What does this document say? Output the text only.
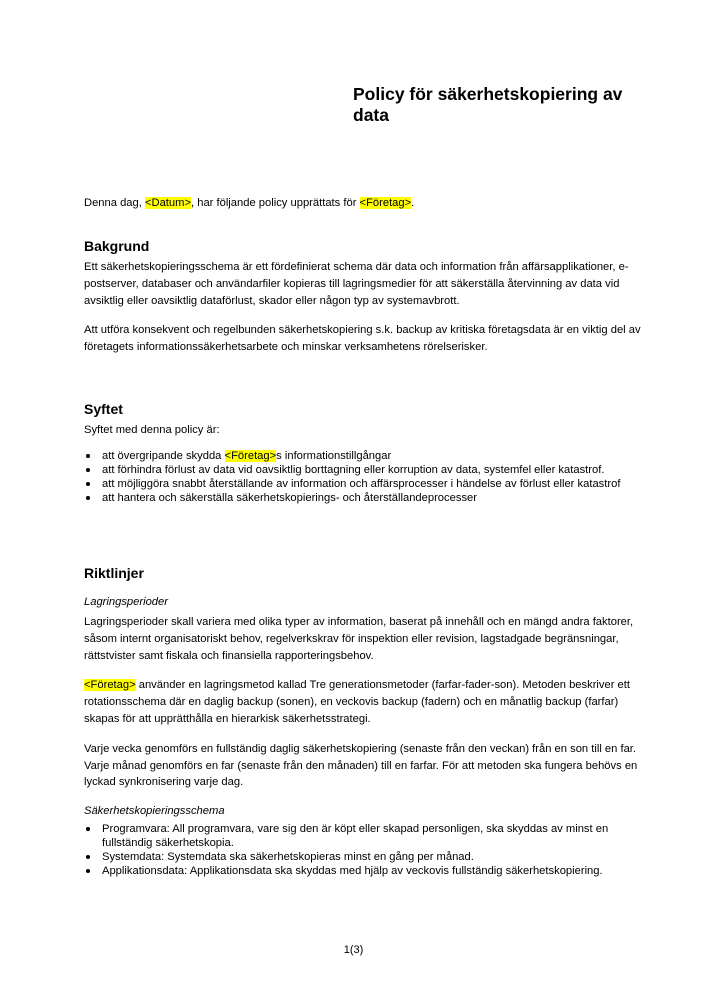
Policy för säkerhetskopiering av data

Denna dag, <Datum>, har följande policy upprättats för <Företag>.

Bakgrund

Ett säkerhetskopieringsschema är ett fördefinierat schema där data och information från affärsapplikationer, e-postserver, databaser och användarfiler kopieras till lagringsmedier för att säkerställa återvinning av data vid avsiktlig eller oavsiktlig dataförlust, skador eller någon typ av systemavbrott.

Att utföra konsekvent och regelbunden säkerhetskopiering s.k. backup av kritiska företagsdata är en viktig del av företagets informationssäkerhetsarbete och minskar verksamhetens rörelserisker.

Syftet

Syftet med denna policy är:

att övergripande skydda <Företag>s informationstillgångar
att förhindra förlust av data vid oavsiktlig borttagning eller korruption av data, systemfel eller katastrof.
att möjliggöra snabbt återställande av information och affärsprocesser i händelse av förlust eller katastrof
att hantera och säkerställa säkerhetskopierings- och återställandeprocesser
Riktlinjer

Lagringsperioder

Lagringsperioder skall variera med olika typer av information, baserat på innehåll och en mängd andra faktorer, såsom internt organisatoriskt behov, regelverkskrav för inspektion eller revision, lagstadgade begränsningar, rättstvister samt fiskala och finansiella rapporteringsbehov.

<Företag> använder en lagringsmetod kallad Tre generationsmetoder (farfar-fader-son). Metoden beskriver ett rotationsschema där en daglig backup (sonen), en veckovis backup (fadern) och en månatlig backup (farfar) skapas för att upprätthålla en hierarkisk säkerhetsstrategi.

Varje vecka genomförs en fullständig daglig säkerhetskopiering (senaste från den veckan) från en son till en far. Varje månad genomförs en far (senaste från den månaden) till en farfar. För att metoden ska fungera behövs en lyckad synkronisering varje dag.

Säkerhetskopieringsschema

Programvara: All programvara, vare sig den är köpt eller skapad personligen, ska skyddas av minst en fullständig säkerhetskopia.
Systemdata: Systemdata ska säkerhetskopieras minst en gång per månad.
Applikationsdata: Applikationsdata ska skyddas med hjälp av veckovis fullständig säkerhetskopiering.
1(3)
